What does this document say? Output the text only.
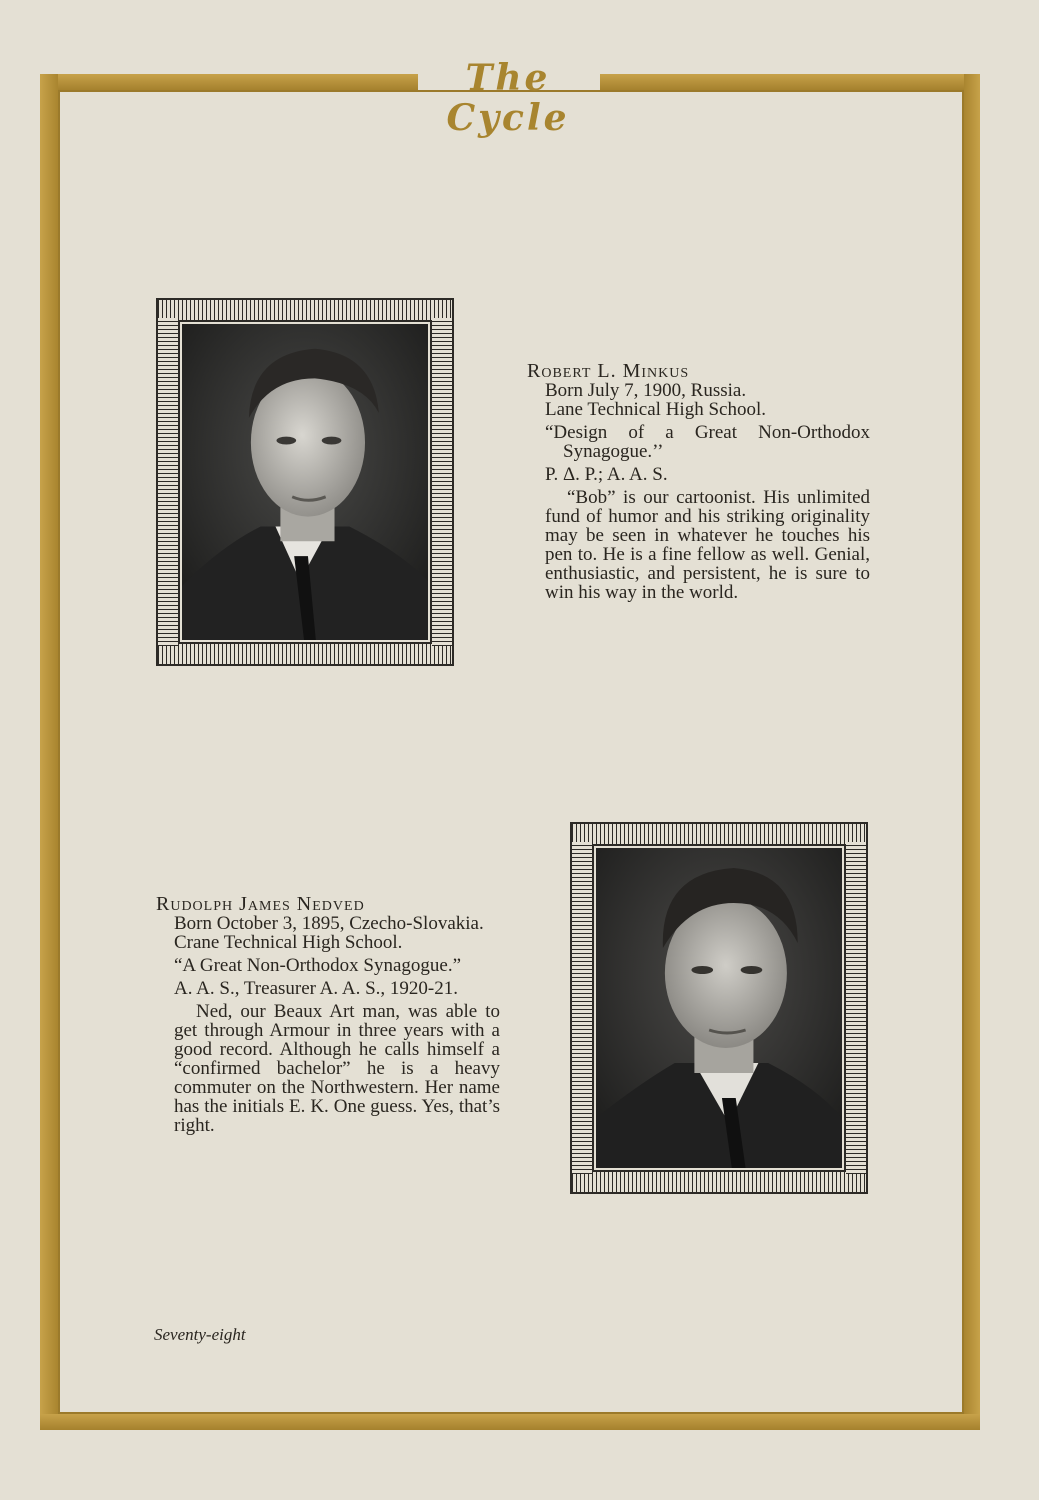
The Cycle
Robert L. Minkus
Born July 7, 1900, Russia.
Lane Technical High School.
“Design of a Great Non-Orthodox
Synagogue.’’
P. Δ. P.; A. A. S.
“Bob” is our cartoonist. His unlimited fund of humor and his striking originality may be seen in whatever he touches his pen to. He is a fine fellow as well. Genial, enthusiastic, and persistent, he is sure to win his way in the world.
Rudolph James Nedved
Born October 3, 1895, Czecho-Slovakia.
Crane Technical High School.
“A Great Non-Orthodox Synagogue.”
A. A. S., Treasurer A. A. S., 1920-21.
Ned, our Beaux Art man, was able to get through Armour in three years with a good record. Although he calls himself a “confirmed bachelor” he is a heavy commuter on the Northwestern. Her name has the initials E. K. One guess. Yes, that’s right.
Seventy-eight
